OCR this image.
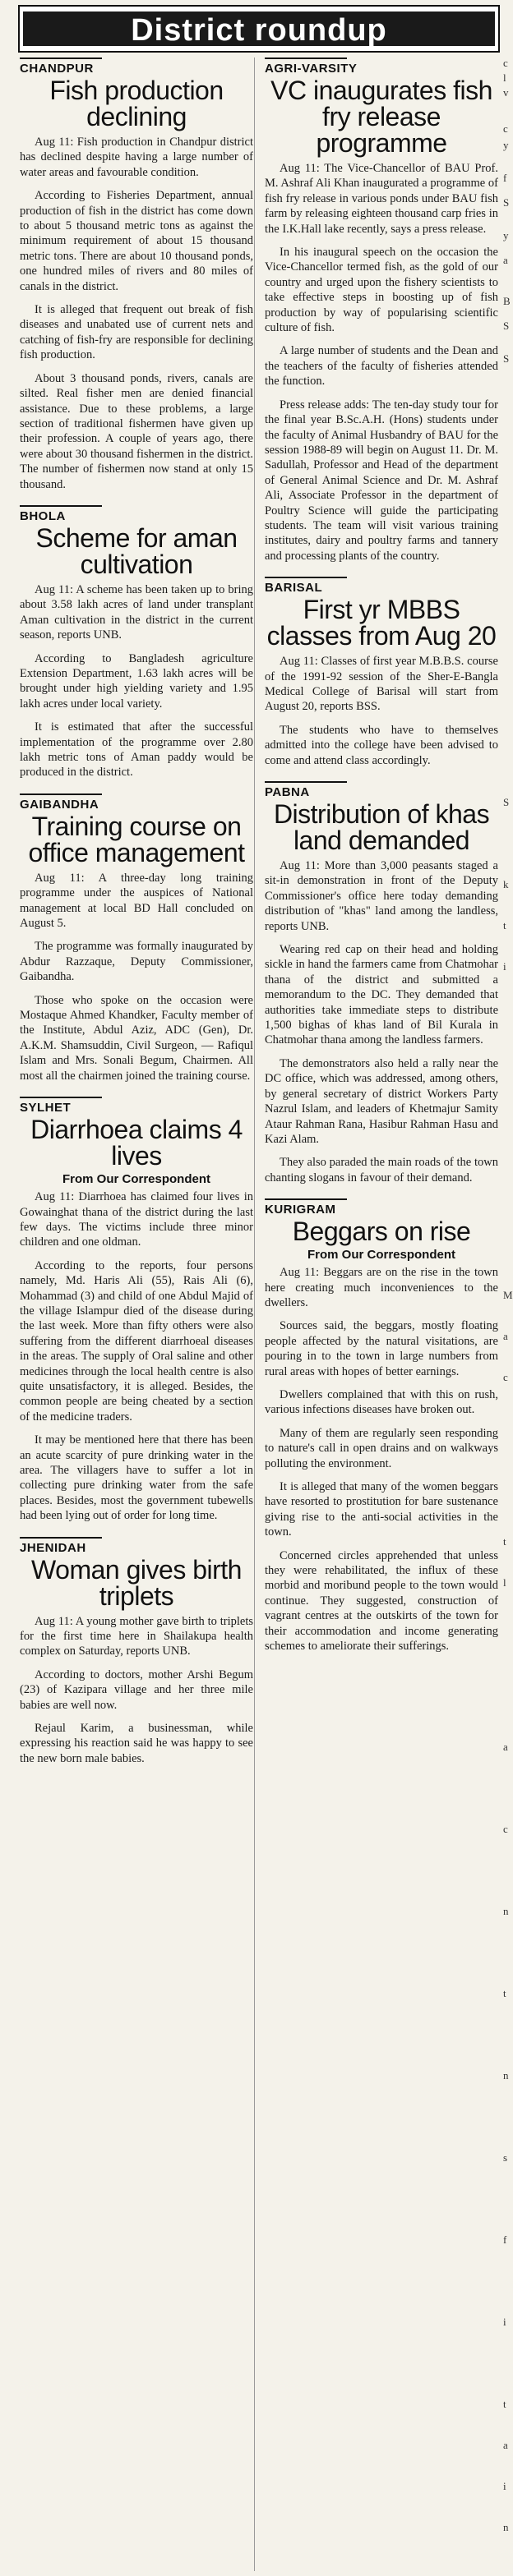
District roundup
CHANDPUR
Fish production declining

Aug 11: Fish production in Chandpur district has declined despite having a large number of water areas and favourable condition.

According to Fisheries Department, annual production of fish in the district has come down to about 5 thousand metric tons as against the minimum requirement of about 15 thousand metric tons. There are about 10 thousand ponds, one hundred miles of rivers and 80 miles of canals in the district.

It is alleged that frequent out break of fish diseases and unabated use of current nets and catching of fish-fry are responsible for declining fish production.

About 3 thousand ponds, rivers, canals are silted. Real fisher men are denied financial assistance. Due to these problems, a large section of traditional fishermen have given up their profession. A couple of years ago, there were about 30 thousand fishermen in the district. The number of fishermen now stand at only 15 thousand.

BHOLA
Scheme for aman cultivation

Aug 11: A scheme has been taken up to bring about 3.58 lakh acres of land under transplant Aman cultivation in the district in the current season, reports UNB.

According to Bangladesh agriculture Extension Department, 1.63 lakh acres will be brought under high yielding variety and 1.95 lakh acres under local variety.

It is estimated that after the successful implementation of the programme over 2.80 lakh metric tons of Aman paddy would be produced in the district.

GAIBANDHA
Training course on office management

Aug 11: A three-day long training programme under the auspices of National management at local BD Hall concluded on August 5.

The programme was formally inaugurated by Abdur Razzaque, Deputy Commissioner, Gaibandha.

Those who spoke on the occasion were Mostaque Ahmed Khandker, Faculty member of the Institute, Abdul Aziz, ADC (Gen), Dr. A.K.M. Shamsuddin, Civil Surgeon, — Rafiqul Islam and Mrs. Sonali Begum, Chairmen. All most all the chairmen joined the training course.

SYLHET
Diarrhoea claims 4 lives
From Our Correspondent

Aug 11: Diarrhoea has claimed four lives in Gowainghat thana of the district during the last few days. The victims include three minor children and one oldman.

According to the reports, four persons namely, Md. Haris Ali (55), Rais Ali (6), Mohammad (3) and child of one Abdul Majid of the village Islampur died of the disease during the last week. More than fifty others were also suffering from the different diarrhoeal diseases in the areas. The supply of Oral saline and other medicines through the local health centre is also quite unsatisfactory, it is alleged. Besides, the common people are being cheated by a section of the medicine traders.

It may be mentioned here that there has been an acute scarcity of pure drinking water in the area. The villagers have to suffer a lot in collecting pure drinking water from the safe places. Besides, most the government tubewells had been lying out of order for long time.

JHENIDAH
Woman gives birth triplets

Aug 11: A young mother gave birth to triplets for the first time here in Shailakupa health complex on Saturday, reports UNB.

According to doctors, mother Arshi Begum (23) of Kazipara village and her three mile babies are well now.

Rejaul Karim, a businessman, while expressing his reaction said he was happy to see the new born male babies.

AGRI-VARSITY
VC inaugurates fish fry release programme

Aug 11: The Vice-Chancellor of BAU Prof. M. Ashraf Ali Khan inaugurated a programme of fish fry release in various ponds under BAU fish farm by releasing eighteen thousand carp fries in the I.K.Hall lake recently, says a press release.

In his inaugural speech on the occasion the Vice-Chancellor termed fish, as the gold of our country and urged upon the fishery scientists to take effective steps in boosting up of fish production by way of popularising scientific culture of fish.

A large number of students and the Dean and the teachers of the faculty of fisheries attended the function.

Press release adds: The ten-day study tour for the final year B.Sc.A.H. (Hons) students under the faculty of Animal Husbandry of BAU for the session 1988-89 will begin on August 11. Dr. M. Sadullah, Professor and Head of the department of General Animal Science and Dr. M. Ashraf Ali, Associate Professor in the department of Poultry Science will guide the participating students. The team will visit various training institutes, dairy and poultry farms and tannery and processing plants of the country.

BARISAL
First yr MBBS classes from Aug 20

Aug 11: Classes of first year M.B.B.S. course of the 1991-92 session of the Sher-E-Bangla Medical College of Barisal will start from August 20, reports BSS.

The students who have to themselves admitted into the college have been advised to come and attend class accordingly.

PABNA
Distribution of khas land demanded

Aug 11: More than 3,000 peasants staged a sit-in demonstration in front of the Deputy Commissioner's office here today demanding distribution of "khas" land among the landless, reports UNB.

Wearing red cap on their head and holding sickle in hand the farmers came from Chatmohar thana of the district and submitted a memorandum to the DC. They demanded that authorities take immediate steps to distribute 1,500 bighas of khas land of Bil Kurala in Chatmohar thana among the landless farmers.

The demonstrators also held a rally near the DC office, which was addressed, among others, by general secretary of district Workers Party Nazrul Islam, and leaders of Khetmajur Samity Ataur Rahman Rana, Hasibur Rahman Hasu and Kazi Alam.

They also paraded the main roads of the town chanting slogans in favour of their demand.

KURIGRAM
Beggars on rise
From Our Correspondent

Aug 11: Beggars are on the rise in the town here creating much inconveniences to the dwellers.

Sources said, the beggars, mostly floating people affected by the natural visitations, are pouring in to the town in large numbers from rural areas with hopes of better earnings.

Dwellers complained that with this on rush, various infections diseases have broken out.

Many of them are regularly seen responding to nature's call in open drains and on walkways polluting the environment.

It is alleged that many of the women beggars have resorted to prostitution for bare sustenance giving rise to the anti-social activities in the town.

Concerned circles apprehended that unless they were rehabilitated, the influx of these morbid and moribund people to the town would continue. They suggested, construction of vagrant centres at the outskirts of the town for their accommodation and income generating schemes to ameliorate their sufferings.

c
l
v
c
y
f
S
y
a
B
S
S
S
k
t
i
M
a
c
t
l
a
c
n
t
n
s
f
i
t
a
i
n
